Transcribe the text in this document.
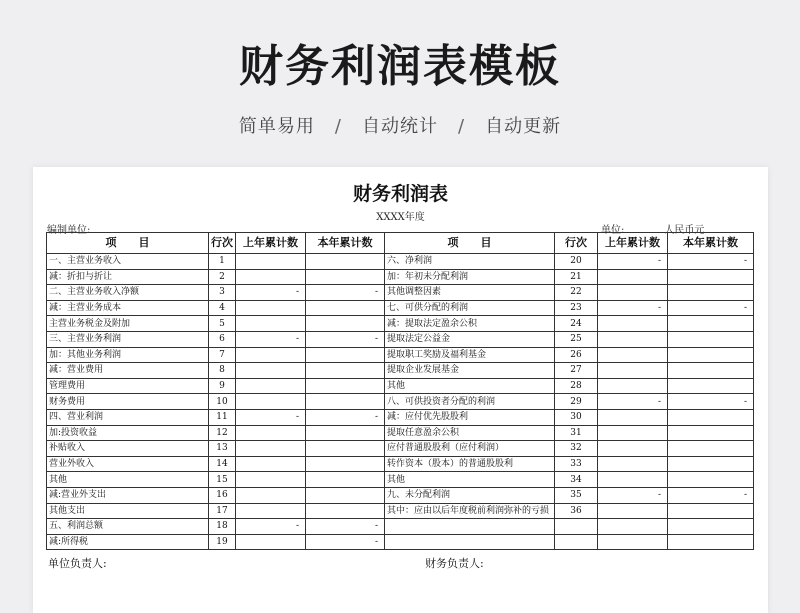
财务利润表模板
简单易用 / 自动统计 / 自动更新
财务利润表
XXXX年度
编制单位:	单位:	人民币元
项　　目	行次	上年累计数	本年累计数	项　　目	行次	上年累计数	本年累计数
一、主营业务收入	1			六、净利润	20	-	-
减：折扣与折让	2			加：年初未分配利润	21		
二、主营业务收入净额	3	-	-	其他调整因素	22		
减：主营业务成本	4			七、可供分配的利润	23	-	-
主营业务税金及附加	5			减：提取法定盈余公积	24		
三、主营业务利润	6	-	-	提取法定公益金	25		
加：其他业务利润	7			提取职工奖励及福利基金	26		
减：营业费用	8			提取企业发展基金	27		
管理费用	9			其他	28		
财务费用	10			八、可供投资者分配的利润	29	-	-
四、营业利润	11	-	-	减：应付优先股股利	30		
加:投资收益	12			提取任意盈余公积	31		
补贴收入	13			应付普通股股利（应付利润）	32		
营业外收入	14			转作资本（股本）的普通股股利	33		
其他	15			其他	34		
减:营业外支出	16			九、未分配利润	35	-	-
其他支出	17			其中：应由以后年度税前利润弥补的亏损	36		
五、利润总额	18	-	-				
减:所得税	19		-				
单位负责人:	财务负责人:
